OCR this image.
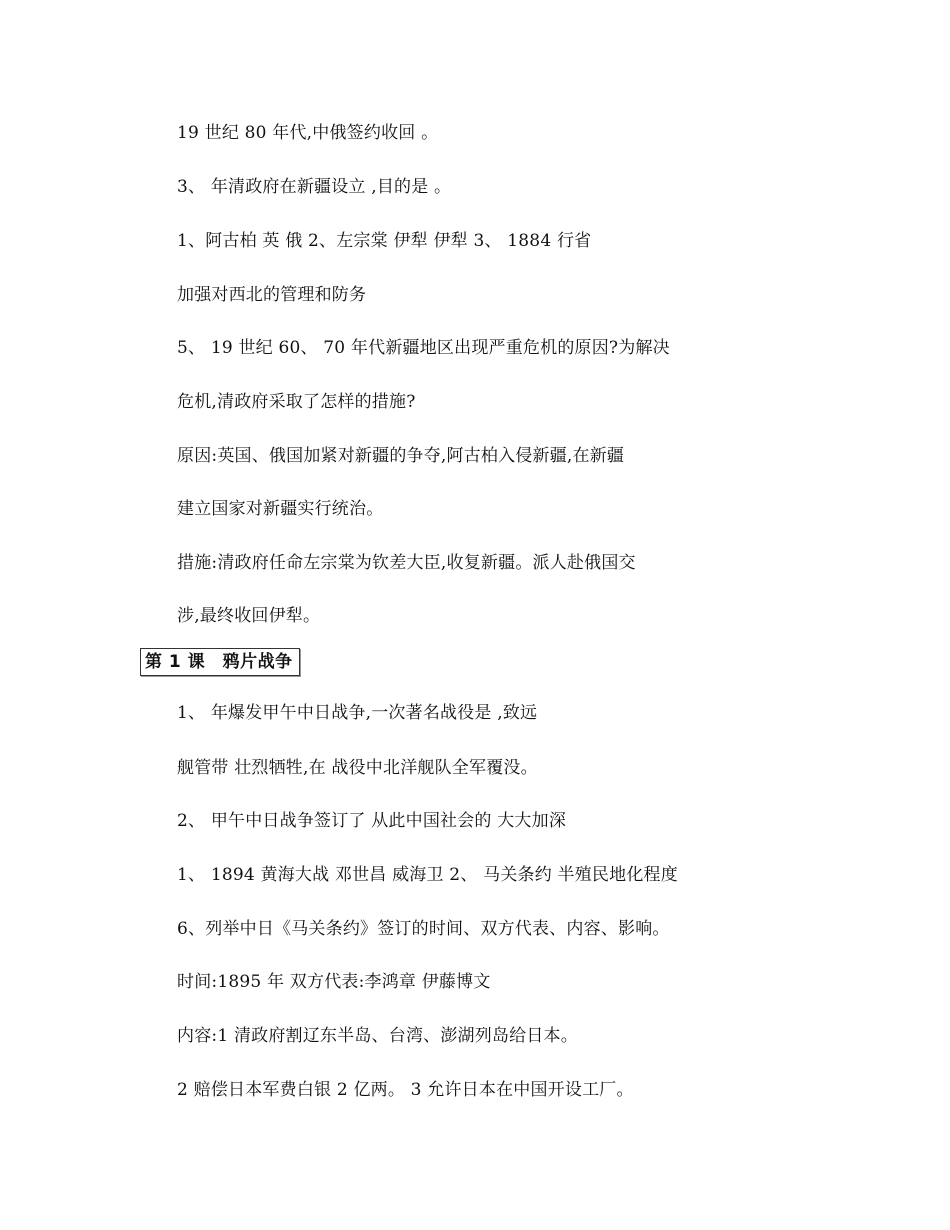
19 世纪 80 年代,中俄签约收回 。
3、 年清政府在新疆设立 ,目的是 。
1、阿古柏 英 俄 2、左宗棠 伊犁 伊犁 3、 1884 行省
加强对西北的管理和防务
5、 19 世纪 60、 70 年代新疆地区出现严重危机的原因?为解决
危机,清政府采取了怎样的措施?
原因:英国、俄国加紧对新疆的争夺,阿古柏入侵新疆,在新疆
建立国家对新疆实行统治。
措施:清政府任命左宗棠为钦差大臣,收复新疆。派人赴俄国交
涉,最终收回伊犁。
第 1 课　鸦片战争
1、 年爆发甲午中日战争,一次著名战役是 ,致远
舰管带 壮烈牺牲,在 战役中北洋舰队全军覆没。
2、 甲午中日战争签订了 从此中国社会的 大大加深
1、 1894 黄海大战 邓世昌 威海卫 2、 马关条约 半殖民地化程度
6、列举中日《马关条约》签订的时间、双方代表、内容、影响。
时间:1895 年 双方代表:李鸿章 伊藤博文
内容:1 清政府割辽东半岛、台湾、澎湖列岛给日本。
2 赔偿日本军费白银 2 亿两。 3 允许日本在中国开设工厂。
